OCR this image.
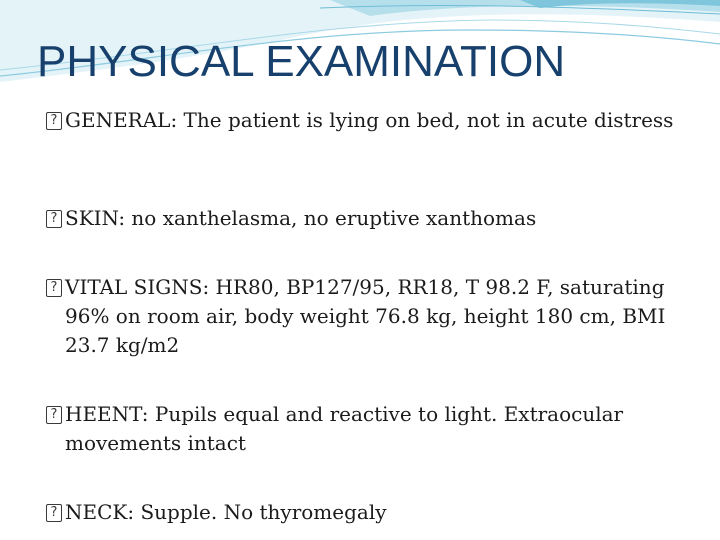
PHYSICAL EXAMINATION
? GENERAL: The patient is lying on bed, not in acute distress
? SKIN: no xanthelasma, no eruptive xanthomas
? VITAL SIGNS: HR80, BP127/95, RR18, T 98.2 F, saturating 96% on room air, body weight 76.8 kg, height 180 cm, BMI 23.7 kg/m2
? HEENT: Pupils equal and reactive to light. Extraocular movements intact
? NECK: Supple. No thyromegaly
